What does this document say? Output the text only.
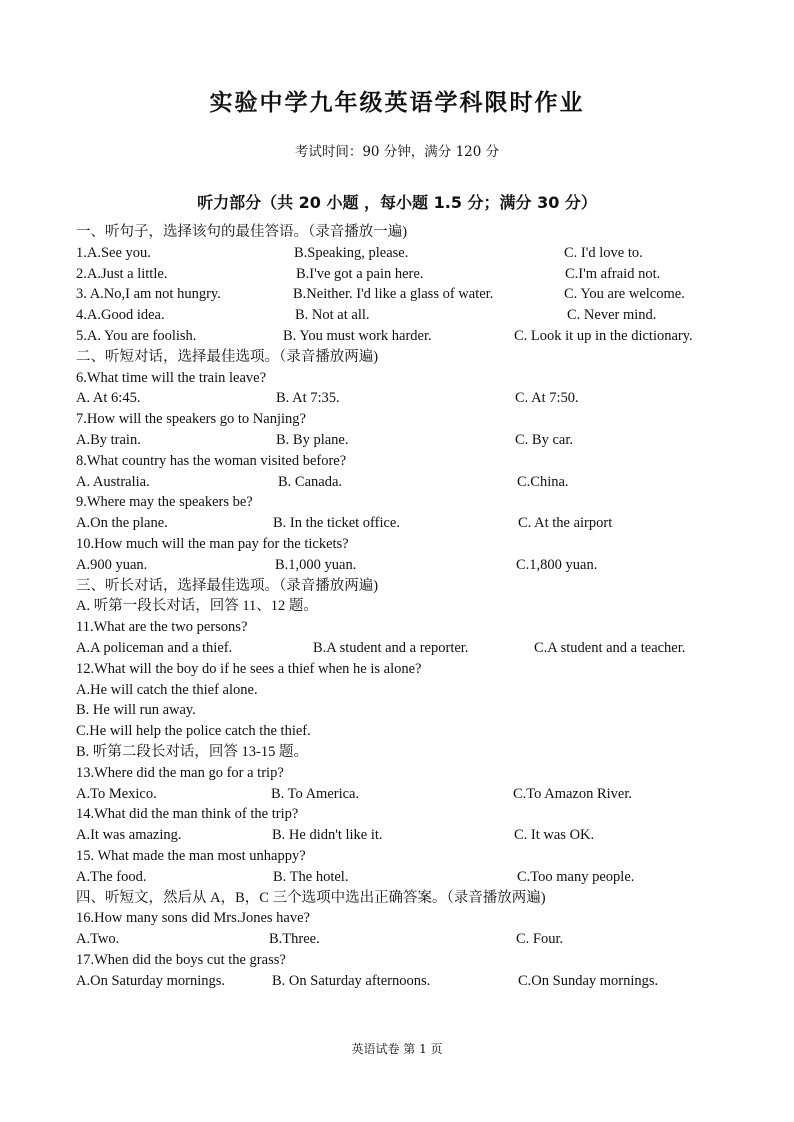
实验中学九年级英语学科限时作业
考试时间：90 分钟，满分 120 分
听力部分（共 20 小题 ，每小题 1.5 分；满分 30 分）
一、听句子，选择该句的最佳答语。（录音播放一遍)
1.A.See you.	B.Speaking, please.	C. I'd love to.
2.A.Just a little.	B.I've got a pain here.	C.I'm afraid not.
3. A.No,I am not hungry.	B.Neither. I'd like a glass of water.	C. You are welcome.
4.A.Good idea.	B. Not at all.	C. Never mind.
5.A. You are foolish.	B. You must work harder.	C. Look it up in the dictionary.
二、听短对话，选择最佳选项。（录音播放两遍)
6.What time will the train leave?
A. At 6:45.	B. At 7:35.	C. At 7:50.
7.How will the speakers go to Nanjing?
A.By train.	B. By plane.	C. By car.
8.What country has the woman visited before?
A. Australia.	B. Canada.	C.China.
9.Where may the speakers be?
A.On the plane.	B. In the ticket office.	C. At the airport
10.How much will the man pay for the tickets?
A.900 yuan.	B.1,000 yuan.	C.1,800 yuan.
三、听长对话，选择最佳选项。（录音播放两遍)
A. 听第一段长对话，回答 11、12 题。
11.What are the two persons?
A.A policeman and a thief.	B.A student and a reporter.	C.A student and a teacher.
12.What will the boy do if he sees a thief when he is alone?
A.He will catch the thief alone.
B. He will run away.
C.He will help the police catch the thief.
B. 听第二段长对话，回答 13-15 题。
13.Where did the man go for a trip?
A.To Mexico.	B. To America.	C.To Amazon River.
14.What did the man think of the trip?
A.It was amazing.	B. He didn't like it.	C. It was OK.
15. What made the man most unhappy?
A.The food.	B. The hotel.	C.Too many people.
四、听短文，然后从 A，B，C 三个选项中选出正确答案。（录音播放两遍)
16.How many sons did Mrs.Jones have?
A.Two.	B.Three.	C. Four.
17.When did the boys cut the grass?
A.On Saturday mornings.	B. On Saturday afternoons.	C.On Sunday mornings.
英语试卷 第 1 页
